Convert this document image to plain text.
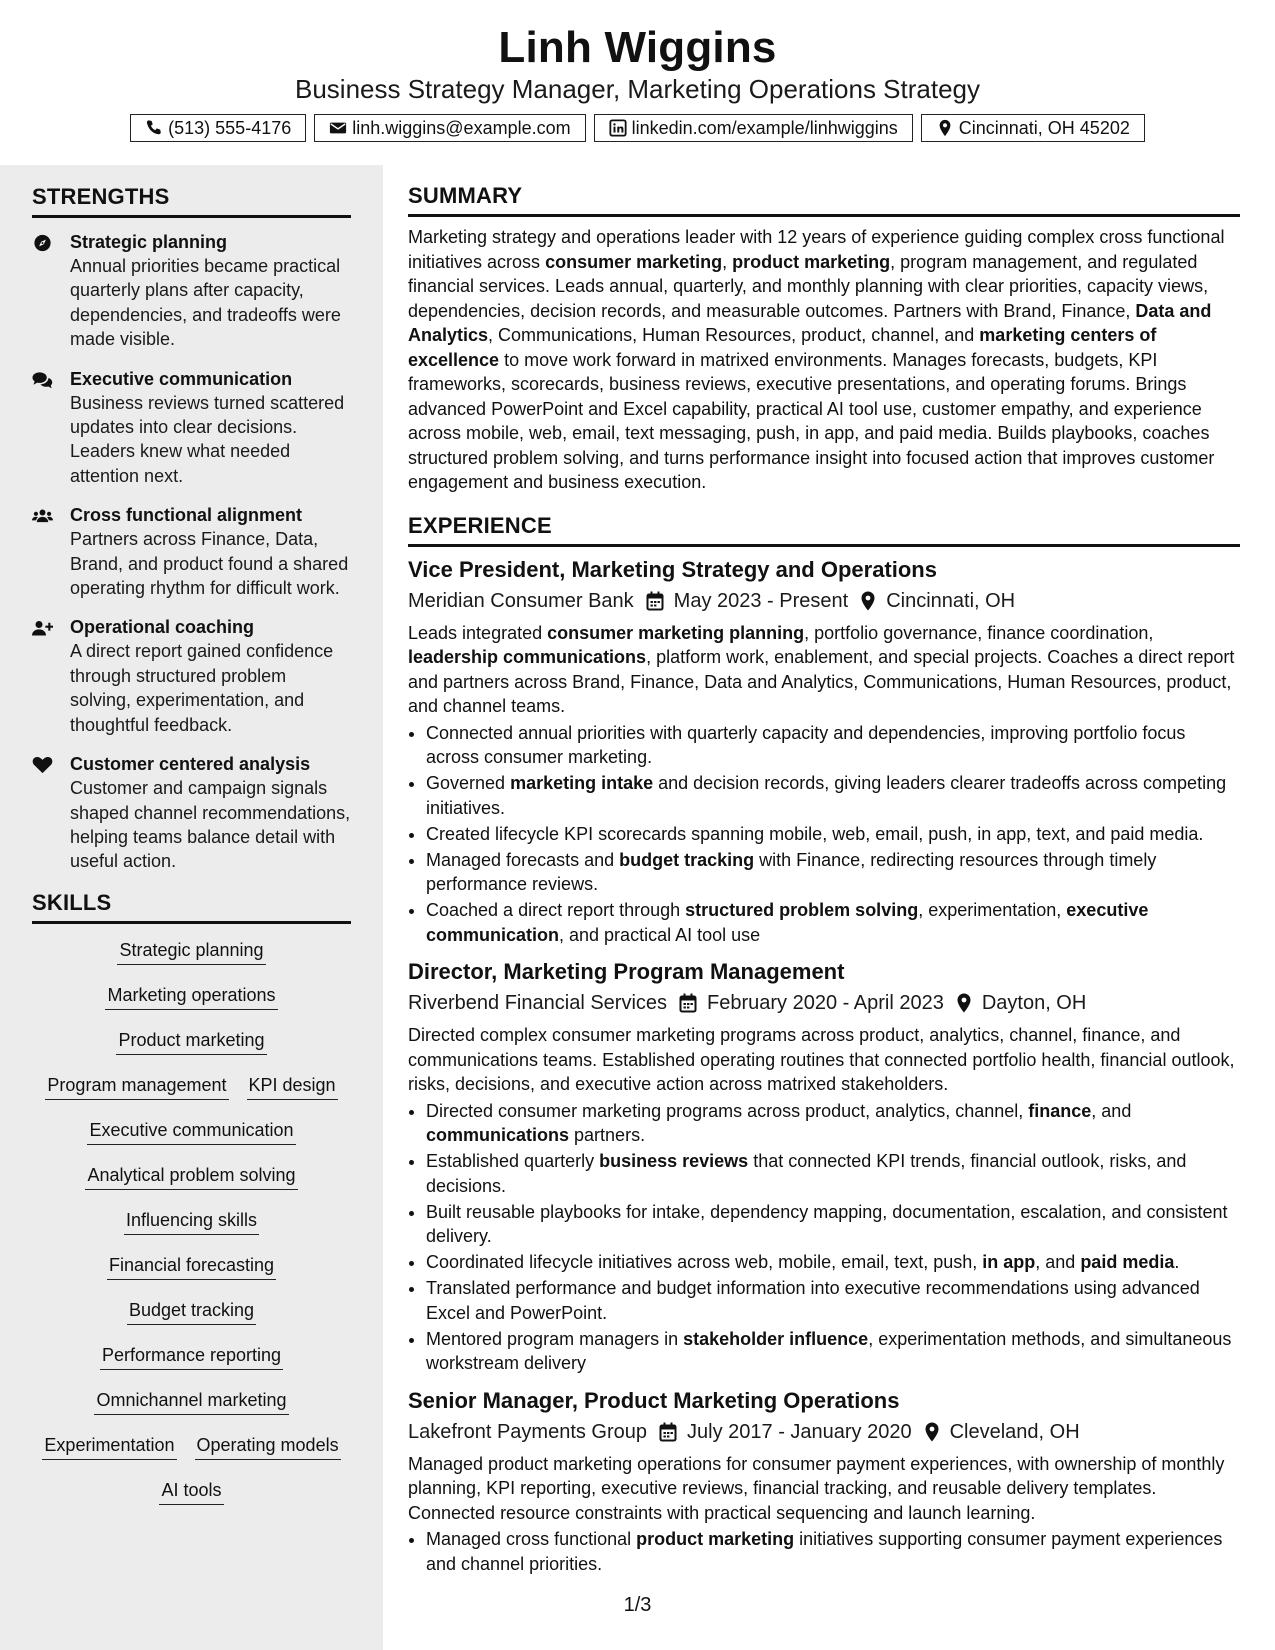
Linh Wiggins
Business Strategy Manager, Marketing Operations Strategy
(513) 555-4176	linh.wiggins@example.com	linkedin.com/example/linhwiggins	Cincinnati, OH 45202
STRENGTHS
Strategic planning
Annual priorities became practical quarterly plans after capacity, dependencies, and tradeoffs were made visible.
Executive communication
Business reviews turned scattered updates into clear decisions. Leaders knew what needed attention next.
Cross functional alignment
Partners across Finance, Data, Brand, and product found a shared operating rhythm for difficult work.
Operational coaching
A direct report gained confidence through structured problem solving, experimentation, and thoughtful feedback.
Customer centered analysis
Customer and campaign signals shaped channel recommendations, helping teams balance detail with useful action.
SKILLS
Strategic planning
Marketing operations
Product marketing
Program management KPI design
Executive communication
Analytical problem solving
Influencing skills
Financial forecasting
Budget tracking
Performance reporting
Omnichannel marketing
Experimentation Operating models
AI tools
SUMMARY
Marketing strategy and operations leader with 12 years of experience guiding complex cross functional initiatives across consumer marketing, product marketing, program management, and regulated financial services. Leads annual, quarterly, and monthly planning with clear priorities, capacity views, dependencies, decision records, and measurable outcomes. Partners with Brand, Finance, Data and Analytics, Communications, Human Resources, product, channel, and marketing centers of excellence to move work forward in matrixed environments. Manages forecasts, budgets, KPI frameworks, scorecards, business reviews, executive presentations, and operating forums. Brings advanced PowerPoint and Excel capability, practical AI tool use, customer empathy, and experience across mobile, web, email, text messaging, push, in app, and paid media. Builds playbooks, coaches structured problem solving, and turns performance insight into focused action that improves customer engagement and business execution.
EXPERIENCE
Vice President, Marketing Strategy and Operations
Meridian Consumer Bank May 2023 - Present Cincinnati, OH
Leads integrated consumer marketing planning, portfolio governance, finance coordination, leadership communications, platform work, enablement, and special projects. Coaches a direct report and partners across Brand, Finance, Data and Analytics, Communications, Human Resources, product, and channel teams.
• Connected annual priorities with quarterly capacity and dependencies, improving portfolio focus across consumer marketing.
• Governed marketing intake and decision records, giving leaders clearer tradeoffs across competing initiatives.
• Created lifecycle KPI scorecards spanning mobile, web, email, push, in app, text, and paid media.
• Managed forecasts and budget tracking with Finance, redirecting resources through timely performance reviews.
• Coached a direct report through structured problem solving, experimentation, executive communication, and practical AI tool use
Director, Marketing Program Management
Riverbend Financial Services February 2020 - April 2023 Dayton, OH
Directed complex consumer marketing programs across product, analytics, channel, finance, and communications teams. Established operating routines that connected portfolio health, financial outlook, risks, decisions, and executive action across matrixed stakeholders.
• Directed consumer marketing programs across product, analytics, channel, finance, and communications partners.
• Established quarterly business reviews that connected KPI trends, financial outlook, risks, and decisions.
• Built reusable playbooks for intake, dependency mapping, documentation, escalation, and consistent delivery.
• Coordinated lifecycle initiatives across web, mobile, email, text, push, in app, and paid media.
• Translated performance and budget information into executive recommendations using advanced Excel and PowerPoint.
• Mentored program managers in stakeholder influence, experimentation methods, and simultaneous workstream delivery
Senior Manager, Product Marketing Operations
Lakefront Payments Group July 2017 - January 2020 Cleveland, OH
Managed product marketing operations for consumer payment experiences, with ownership of monthly planning, KPI reporting, executive reviews, financial tracking, and reusable delivery templates. Connected resource constraints with practical sequencing and launch learning.
• Managed cross functional product marketing initiatives supporting consumer payment experiences and channel priorities.
1/3
